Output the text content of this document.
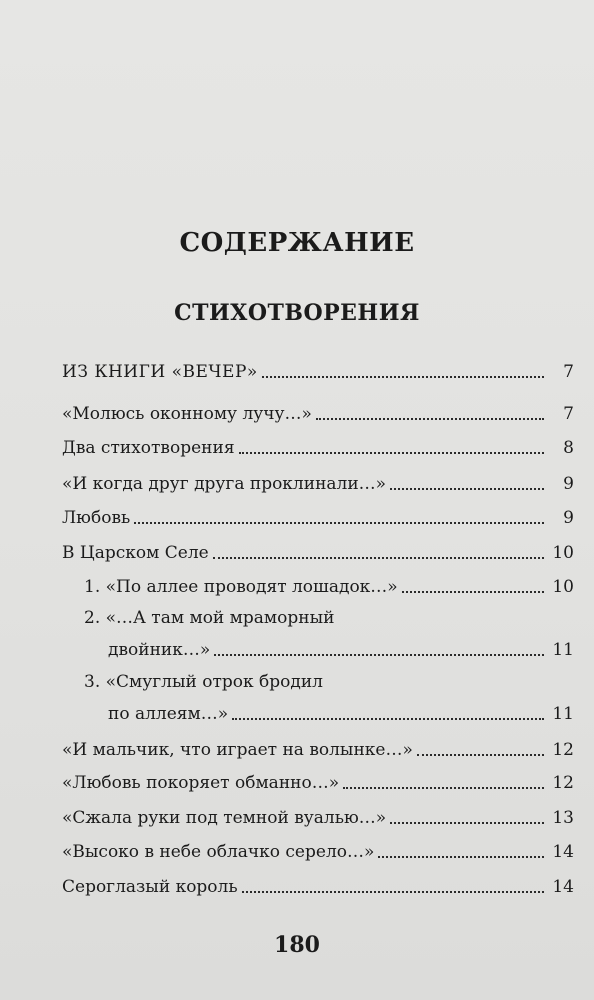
СОДЕРЖАНИЕ
СТИХОТВОРЕНИЯ
ИЗ КНИГИ «ВЕЧЕР»	7
«Молюсь оконному лучу…»	7
Два стихотворения	8
«И когда друг друга проклинали…»	9
Любовь	9
В Царском Селе	10
1. «По аллее проводят лошадок…»	10
2. «…А там мой мраморный
двойник…»	11
3. «Смуглый отрок бродил
по аллеям…»	11
«И мальчик, что играет на волынке…»	12
«Любовь покоряет обманно…»	12
«Сжала руки под темной вуалью…»	13
«Высоко в небе облачко серело…»	14
Сероглазый король	14
180
